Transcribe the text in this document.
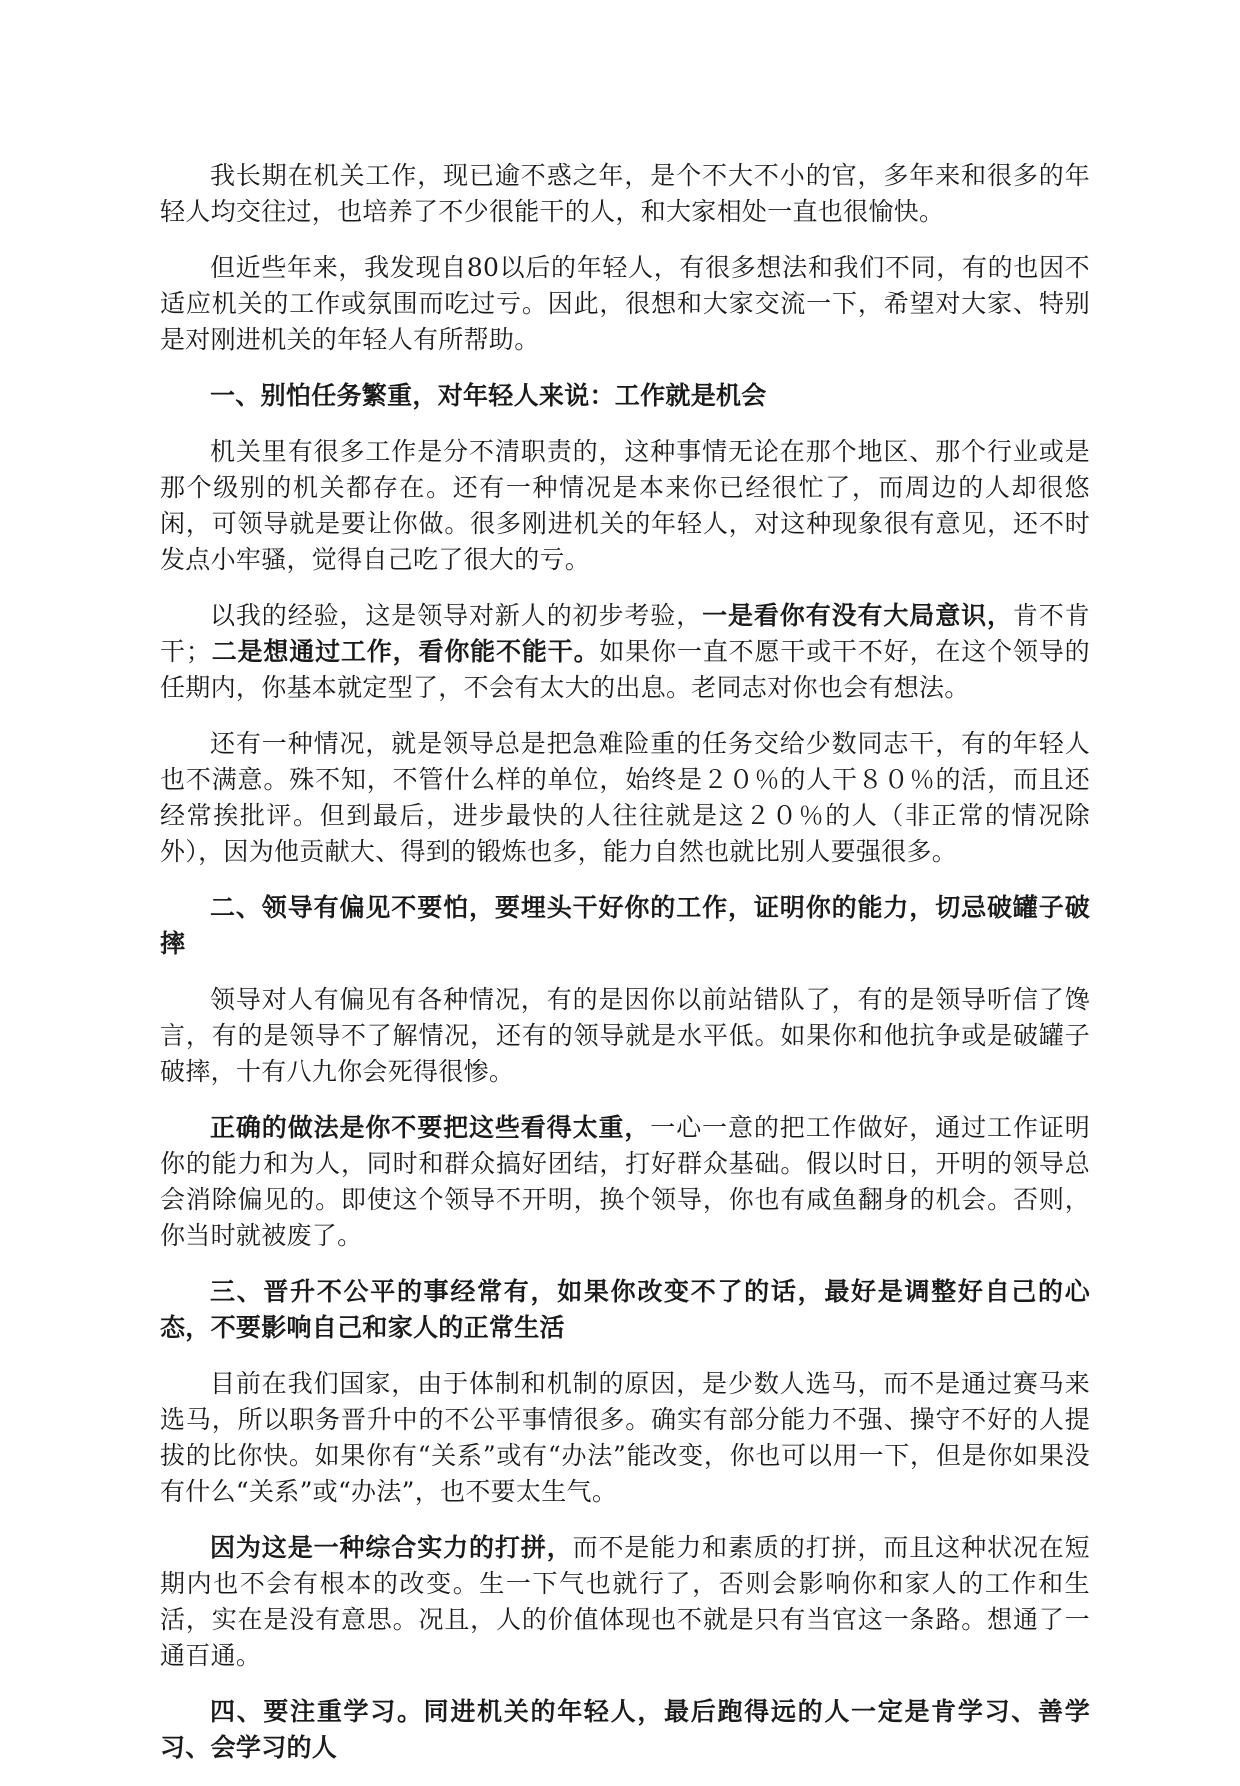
我长期在机关工作，现已逾不惑之年，是个不大不小的官，多年来和很多的年轻人均交往过，也培养了不少很能干的人，和大家相处一直也很愉快。

但近些年来，我发现自80以后的年轻人，有很多想法和我们不同，有的也因不适应机关的工作或氛围而吃过亏。因此，很想和大家交流一下，希望对大家、特别是对刚进机关的年轻人有所帮助。

一、别怕任务繁重，对年轻人来说：工作就是机会

机关里有很多工作是分不清职责的，这种事情无论在那个地区、那个行业或是那个级别的机关都存在。还有一种情况是本来你已经很忙了，而周边的人却很悠闲，可领导就是要让你做。很多刚进机关的年轻人，对这种现象很有意见，还不时发点小牢骚，觉得自己吃了很大的亏。

以我的经验，这是领导对新人的初步考验，一是看你有没有大局意识，肯不肯干；二是想通过工作，看你能不能干。如果你一直不愿干或干不好，在这个领导的任期内，你基本就定型了，不会有太大的出息。老同志对你也会有想法。

还有一种情况，就是领导总是把急难险重的任务交给少数同志干，有的年轻人也不满意。殊不知，不管什么样的单位，始终是２０％的人干８０％的活，而且还经常挨批评。但到最后，进步最快的人往往就是这２０％的人（非正常的情况除外），因为他贡献大、得到的锻炼也多，能力自然也就比别人要强很多。

二、领导有偏见不要怕，要埋头干好你的工作，证明你的能力，切忌破罐子破摔

领导对人有偏见有各种情况，有的是因你以前站错队了，有的是领导听信了馋言，有的是领导不了解情况，还有的领导就是水平低。如果你和他抗争或是破罐子破摔，十有八九你会死得很惨。

正确的做法是你不要把这些看得太重，一心一意的把工作做好，通过工作证明你的能力和为人，同时和群众搞好团结，打好群众基础。假以时日，开明的领导总会消除偏见的。即使这个领导不开明，换个领导，你也有咸鱼翻身的机会。否则，你当时就被废了。

三、晋升不公平的事经常有，如果你改变不了的话，最好是调整好自己的心态，不要影响自己和家人的正常生活

目前在我们国家，由于体制和机制的原因，是少数人选马，而不是通过赛马来选马，所以职务晋升中的不公平事情很多。确实有部分能力不强、操守不好的人提拔的比你快。如果你有“关系”或有“办法”能改变，你也可以用一下，但是你如果没有什么“关系”或“办法”，也不要太生气。

因为这是一种综合实力的打拼，而不是能力和素质的打拼，而且这种状况在短期内也不会有根本的改变。生一下气也就行了，否则会影响你和家人的工作和生活，实在是没有意思。况且，人的价值体现也不就是只有当官这一条路。想通了一通百通。

四、要注重学习。同进机关的年轻人，最后跑得远的人一定是肯学习、善学习、会学习的人
